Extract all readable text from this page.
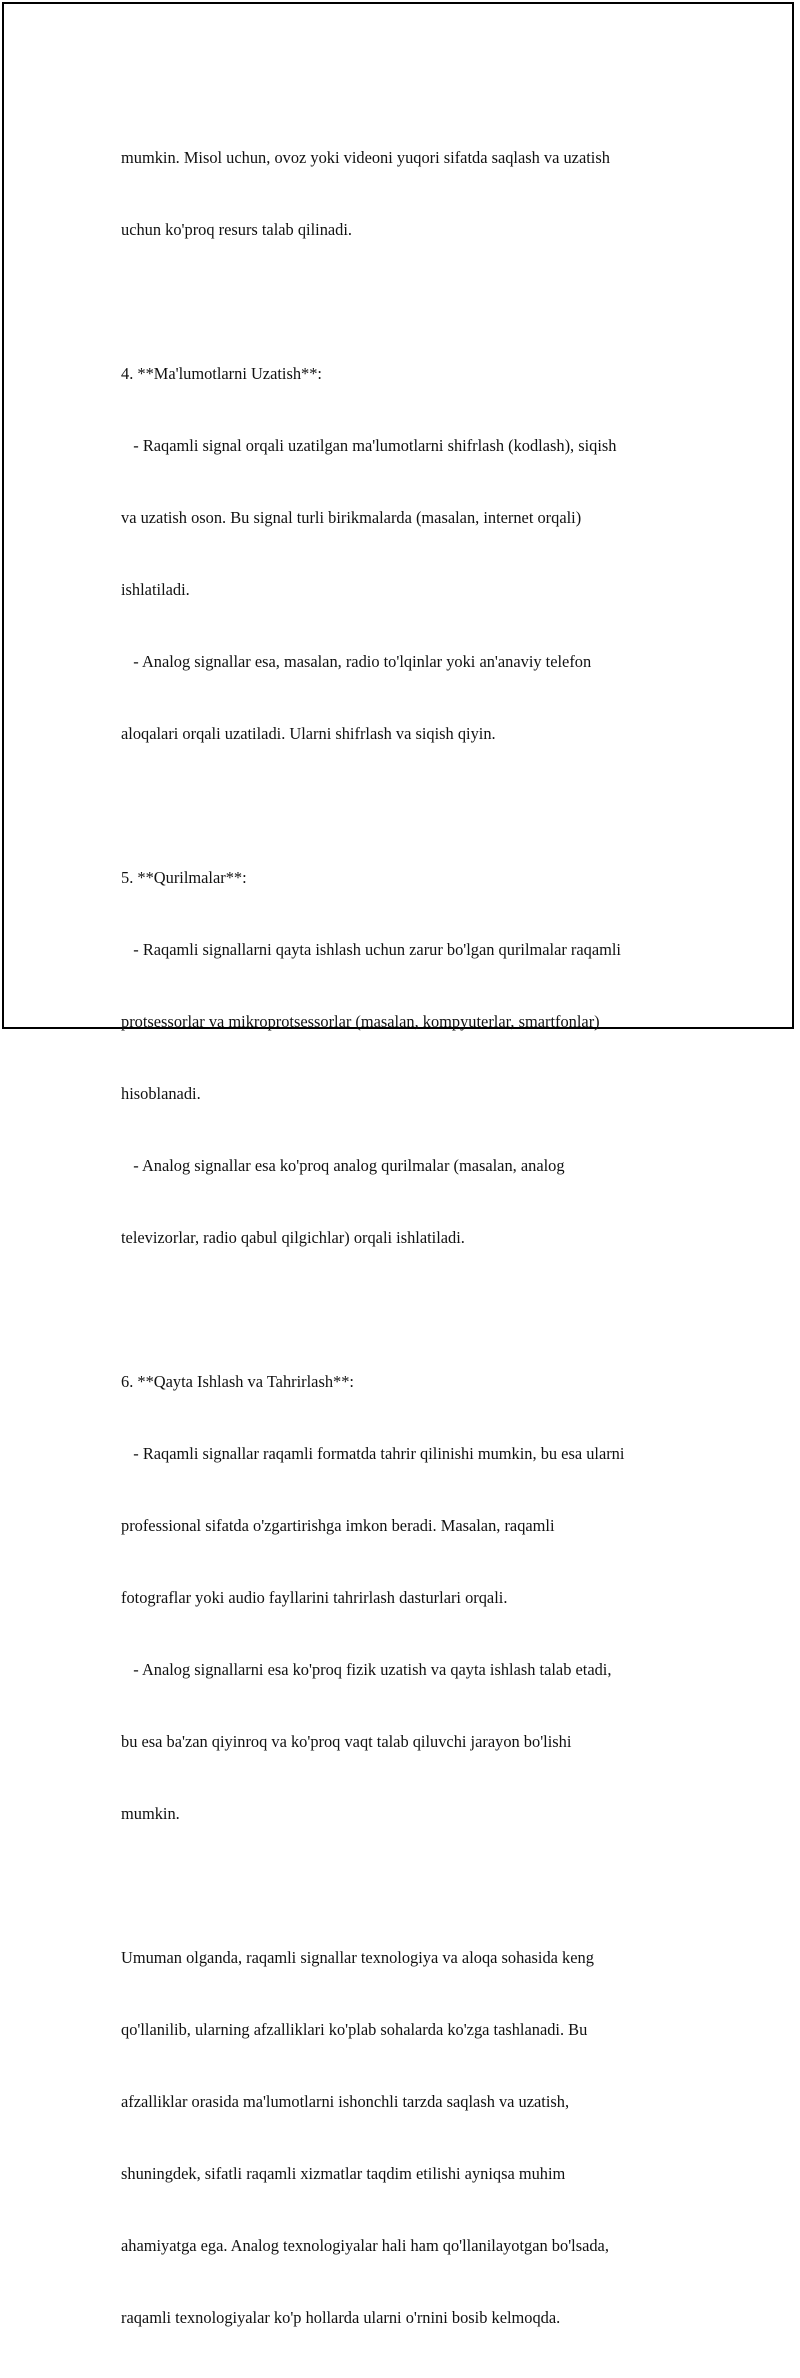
mumkin. Misol uchun, ovoz yoki videoni yuqori sifatda saqlash va uzatish

uchun ko'proq resurs talab qilinadi.

4. **Ma'lumotlarni Uzatish**:

- Raqamli signal orqali uzatilgan ma'lumotlarni shifrlash (kodlash), siqish

va uzatish oson. Bu signal turli birikmalarda (masalan, internet orqali)

ishlatiladi.

- Analog signallar esa, masalan, radio to'lqinlar yoki an'anaviy telefon

aloqalari orqali uzatiladi. Ularni shifrlash va siqish qiyin.

5. **Qurilmalar**:

- Raqamli signallarni qayta ishlash uchun zarur bo'lgan qurilmalar raqamli

protsessorlar va mikroprotsessorlar (masalan, kompyuterlar, smartfonlar)

hisoblanadi.

- Analog signallar esa ko'proq analog qurilmalar (masalan, analog

televizorlar, radio qabul qilgichlar) orqali ishlatiladi.

6. **Qayta Ishlash va Tahrirlash**:

- Raqamli signallar raqamli formatda tahrir qilinishi mumkin, bu esa ularni

professional sifatda o'zgartirishga imkon beradi. Masalan, raqamli

fotograflar yoki audio fayllarini tahrirlash dasturlari orqali.

- Analog signallarni esa ko'proq fizik uzatish va qayta ishlash talab etadi,

bu esa ba'zan qiyinroq va ko'proq vaqt talab qiluvchi jarayon bo'lishi

mumkin.

Umuman olganda, raqamli signallar texnologiya va aloqa sohasida keng

qo'llanilib, ularning afzalliklari ko'plab sohalarda ko'zga tashlanadi. Bu

afzalliklar orasida ma'lumotlarni ishonchli tarzda saqlash va uzatish,

shuningdek, sifatli raqamli xizmatlar taqdim etilishi ayniqsa muhim

ahamiyatga ega. Analog texnologiyalar hali ham qo'llanilayotgan bo'lsada,

raqamli texnologiyalar ko'p hollarda ularni o'rnini bosib kelmoqda.
